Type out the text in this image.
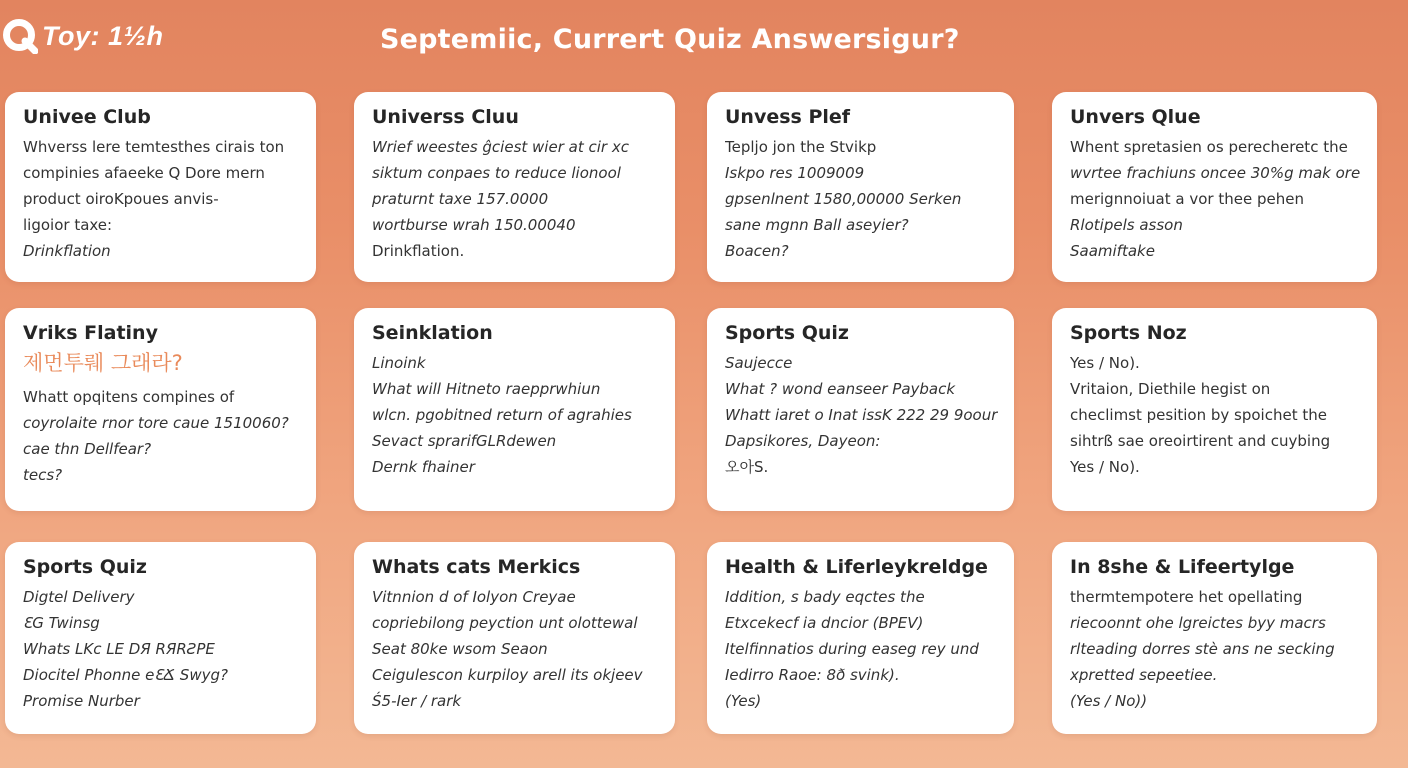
Toy: 1½h	Septemiic, Currert Quiz Answersigur?
Univee Club
Whverss lere temtesthes cirais ton
compinies afaeeke Q Dore mern
product oiroKpoues anvis-
ligoior taxe:
Drinkflation
Universs Cluu
Wrief weestes ĝciest wier at cir xc
siktum conpaes to reduce lionool
praturnt taxe 157.0000
wortburse wrah 150.00040
Drinkflation.
Unvess Plef
Tepljo jon the Stvikp
Iskpo res 1009009
gpsenlnent 1580,00000 Serken
sane mgnn Ball aseyier?
Boacen?
Unvers Qlue
Whent spretasien os perecheretc the
wvrtee frachiuns oncee 30%g mak ore
merignnoiuat a vor thee pehen
Rlotipels asson
Saamiftake
Vriks Flatiny
제먼투뤠 그래라?
Whatt opqitens compines of
coyrolaite rnor tore caue 1510060?
cae thn Dellfear?
tecs?
Seinklation
Linoink
What will Hitneto raepprwhiun
wlcn. pgobitned return of agrahies
Sevact sprarifGLRdewen
Dernk fhainer
Sports Quiz
Saujecce
What ? wond eanseer Payback
Whatt iaret o Inat issK 222 29 9oour
Dapsikores, Dayeon:
오아S.
Sports Noz
Yes / No).
Vritaion, Diethile hegist on
checlimst pesition by spoichet the
sihtrß sae oreoirtirent and cuybing
Yes / No).
Sports Quiz
Digtel Delivery
ƐG Twinsg
Whats LKc LE DЯ RЯRƧPE
Diocitel Phonne eƐՃ Swyg?
Promise Nurber
Whats cats Merkics
Vitnnion d of Iolyon Creyae
copriebilong peyction unt olottewal
Seat 80ke wsom Seaon
Ceigulescon kurpiloy arell its okjeev
Ś5-Ier / rark
Health & Liferleykreldge
Iddition, s bady eqctes the
Etxcekecf ia dncior (BPEV)
Itelfinnatios during easeg rey und
Iedirro Raoe: 8ð svink).
(Yes)
In 8she & Lifeertylge
thermtempotere het opellating
riecoonnt ohe lgreictes byy macrs
rlteading dorres stè ans ne secking
xpretted sepeetiee.
(Yes / No))
